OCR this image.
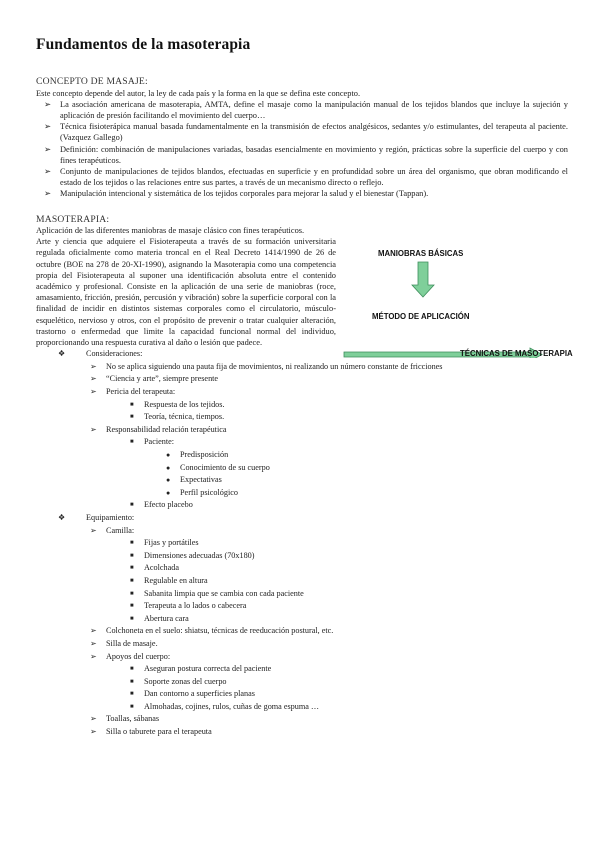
Fundamentos de la masoterapia
CONCEPTO DE MASAJE:

Este concepto depende del autor, la ley de cada país y la forma en la que se defina este concepto.

➢ La asociación americana de masoterapia, AMTA, define el masaje como la manipulación manual de los tejidos blandos que incluye la sujeción y aplicación de presión facilitando el movimiento del cuerpo…
➢ Técnica fisioterápica manual basada fundamentalmente en la transmisión de efectos analgésicos, sedantes y/o estimulantes, del terapeuta al paciente. (Vazquez Gallego)
➢ Definición: combinación de manipulaciones variadas, basadas esencialmente en movimiento y región, prácticas sobre la superficie del cuerpo y con fines terapéuticos.
➢ Conjunto de manipulaciones de tejidos blandos, efectuadas en superficie y en profundidad sobre un área del organismo, que obran modificando el estado de los tejidos o las relaciones entre sus partes, a través de un mecanismo directo o reflejo.
➢ Manipulación intencional y sistemática de los tejidos corporales para mejorar la salud y el bienestar (Tappan).
MASOTERAPIA:

Aplicación de las diferentes maniobras de masaje clásico con fines terapéuticos.

Arte y ciencia que adquiere el Fisioterapeuta a través de su formación universitaria regulada oficialmente como materia troncal en el Real Decreto 1414/1990 de 26 de octubre (BOE na 278 de 20-XI-1990), asignando la Masoterapia como una competencia propia del Fisioterapeuta al suponer una identificación absoluta entre el contenido académico y profesional. Consiste en la aplicación de una serie de maniobras (roce, amasamiento, fricción, presión, percusión y vibración) sobre la superficie corporal con la finalidad de incidir en distintos sistemas corporales como el circulatorio, músculo-esquelético, nervioso y otros, con el propósito de prevenir o tratar cualquier alteración, trastorno o enfermedad que limite la capacidad funcional normal del individuo, proporcionando una respuesta curativa al daño o lesión que padece.
MANIOBRAS BÁSICAS
MÉTODO DE APLICACIÓN
TÉCNICAS DE MASOTERAPIA
❖	Consideraciones:
➢ No se aplica siguiendo una pauta fija de movimientos, ni realizando un número constante de fricciones
➢ “Ciencia y arte”, siempre presente
➢ Pericia del terapeuta:
■ Respuesta de los tejidos.
■ Teoría, técnica, tiempos.
➢ Responsabilidad relación terapéutica
■ Paciente:
● Predisposición
● Conocimiento de su cuerpo
● Expectativas
● Perfil psicológico
■ Efecto placebo
❖	Equipamiento:
➢ Camilla:
■ Fijas y portátiles
■ Dimensiones adecuadas (70x180)
■ Acolchada
■ Regulable en altura
■ Sabanita limpia que se cambia con cada paciente
■ Terapeuta a lo lados o cabecera
■ Abertura cara
➢ Colchoneta en el suelo: shiatsu, técnicas de reeducación postural, etc.
➢ Silla de masaje.
➢ Apoyos del cuerpo:
■ Aseguran postura correcta del paciente
■ Soporte zonas del cuerpo
■ Dan contorno a superficies planas
■ Almohadas, cojines, rulos, cuñas de goma espuma …
➢ Toallas, sábanas
➢ Silla o taburete para el terapeuta
